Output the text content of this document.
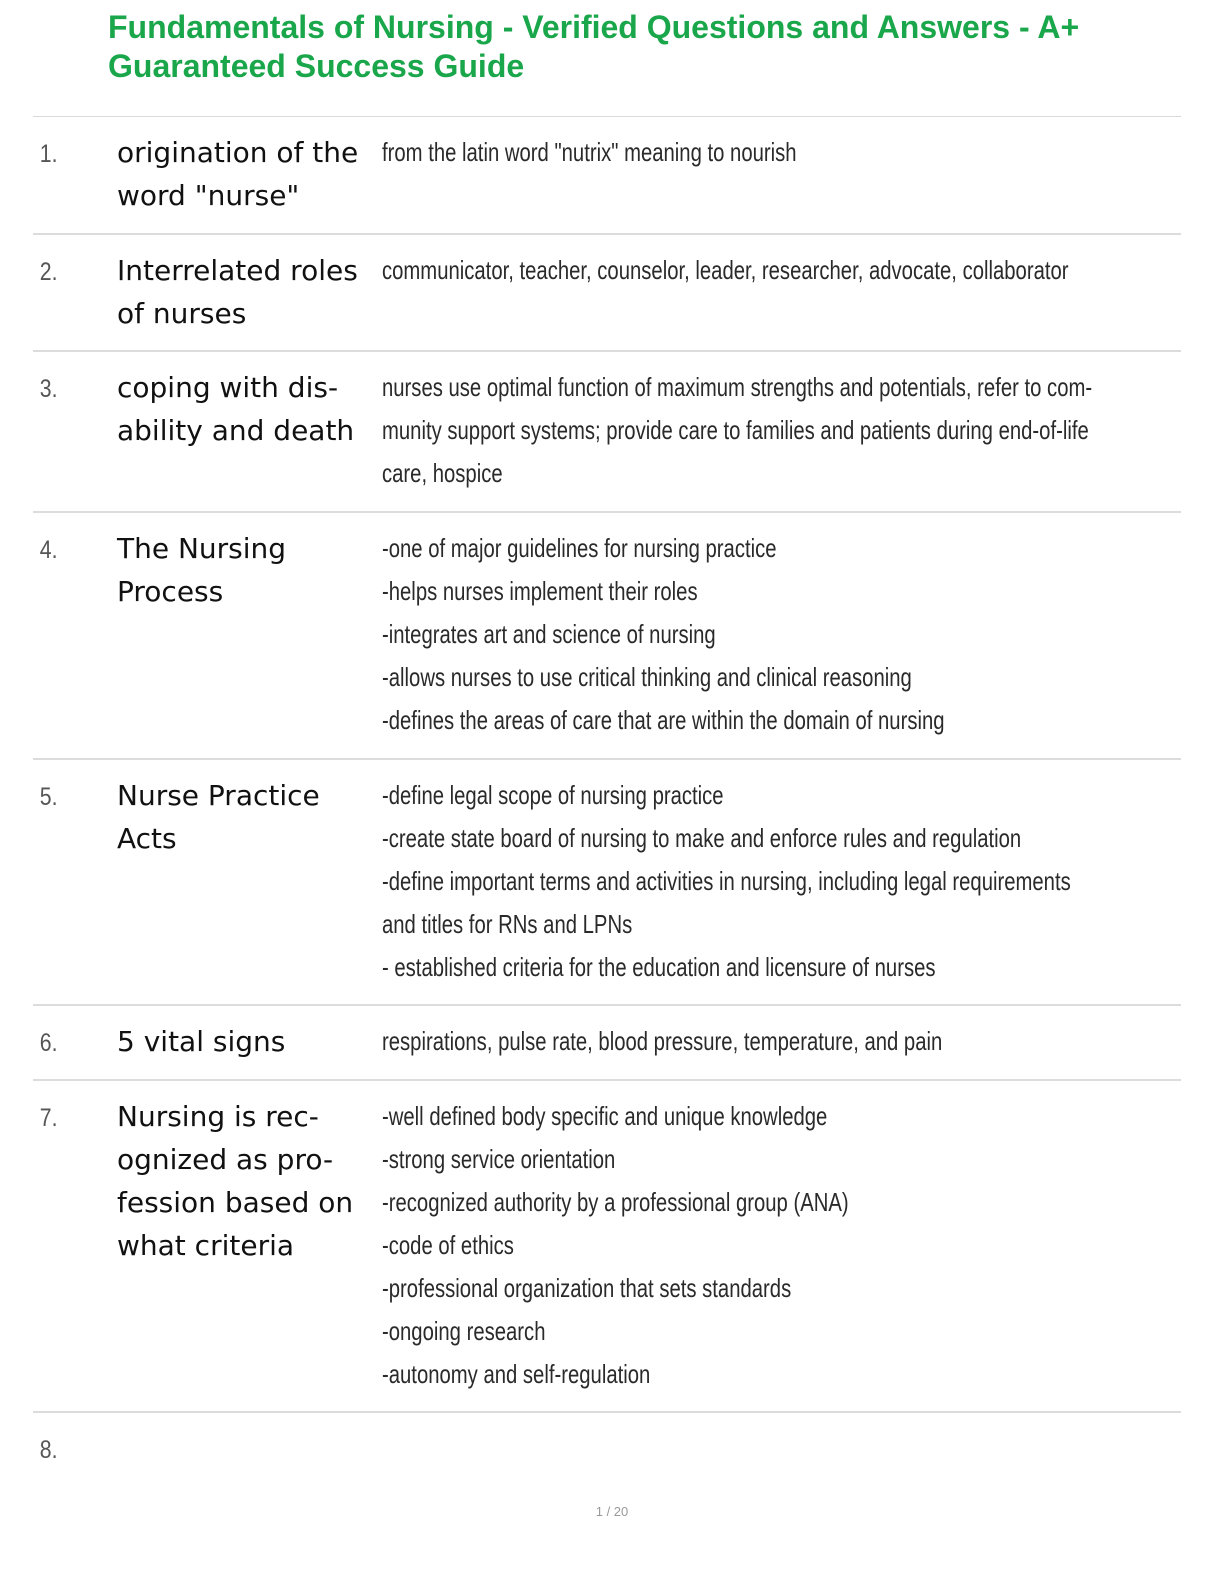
Fundamentals of Nursing - Verified Questions and Answers - A+ Guaranteed Success Guide
1.	origination of the word "nurse"
from the latin word "nutrix" meaning to nourish
2.	Interrelated roles of nurses
communicator, teacher, counselor, leader, researcher, advocate, collaborator
3.	coping with dis- ability and death
nurses use optimal function of maximum strengths and potentials, refer to com-
munity support systems; provide care to families and patients during end-of-life
care, hospice
4.	The Nursing Process
-one of major guidelines for nursing practice
-helps nurses implement their roles
-integrates art and science of nursing
-allows nurses to use critical thinking and clinical reasoning
-defines the areas of care that are within the domain of nursing
5.	Nurse Practice Acts
-define legal scope of nursing practice
-create state board of nursing to make and enforce rules and regulation
-define important terms and activities in nursing, including legal requirements
and titles for RNs and LPNs
- established criteria for the education and licensure of nurses
6.	5 vital signs	respirations, pulse rate, blood pressure, temperature, and pain
7.	Nursing is rec- ognized as pro- fession based on what criteria
-well defined body specific and unique knowledge
-strong service orientation
-recognized authority by a professional group (ANA)
-code of ethics
-professional organization that sets standards
-ongoing research
-autonomy and self-regulation
8.
1 / 20
